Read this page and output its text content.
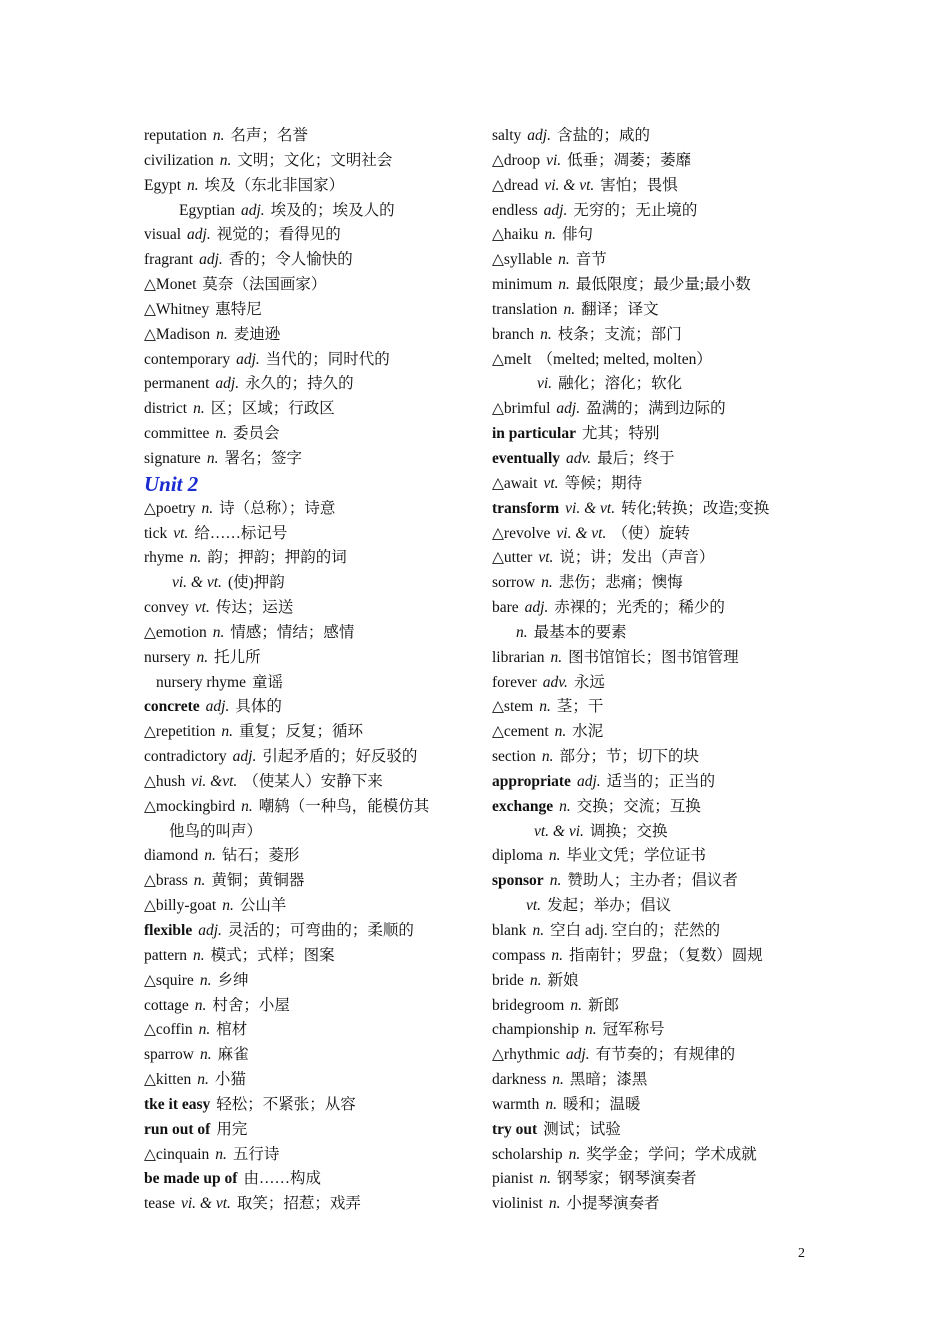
reputation n. 名声；名誉
civilization n. 文明；文化；文明社会
Egypt n. 埃及（东北非国家）
Egyptian adj. 埃及的；埃及人的
visual adj. 视觉的；看得见的
fragrant adj. 香的；令人愉快的
△Monet 莫奈（法国画家）
△Whitney 惠特尼
△Madison n. 麦迪逊
contemporary adj. 当代的；同时代的
permanent adj. 永久的；持久的
district n. 区；区域；行政区
committee n. 委员会
signature n. 署名；签字
Unit 2
△poetry n. 诗（总称）；诗意
tick vt. 给……标记号
rhyme n. 韵；押韵；押韵的词
vi. & vt. (使)押韵
convey vt. 传达；运送
△emotion n. 情感；情结；感情
nursery n. 托儿所
nursery rhyme 童谣
concrete adj. 具体的
△repetition n. 重复；反复；循环
contradictory adj. 引起矛盾的；好反驳的
△hush vi. &vt. （使某人）安静下来
△mockingbird n. 嘲鸫（一种鸟，能模仿其
他鸟的叫声）
diamond n. 钻石；菱形
△brass n. 黄铜；黄铜器
△billy-goat n. 公山羊
flexible adj. 灵活的；可弯曲的；柔顺的
pattern n. 模式；式样；图案
△squire n. 乡绅
cottage n. 村舍；小屋
△coffin n. 棺材
sparrow n. 麻雀
△kitten n. 小猫
tke it easy 轻松；不紧张；从容
run out of 用完
△cinquain n. 五行诗
be made up of 由……构成
tease vi. & vt. 取笑；招惹；戏弄
salty adj. 含盐的；咸的
△droop vi. 低垂；凋萎；萎靡
△dread vi. & vt. 害怕；畏惧
endless adj. 无穷的；无止境的
△haiku n. 俳句
△syllable n. 音节
minimum n. 最低限度；最少量;最小数
translation n. 翻译；译文
branch n. 枝条；支流；部门
△melt （melted; melted, molten）
vi. 融化；溶化；软化
△brimful adj. 盈满的；满到边际的
in particular 尤其；特别
eventually adv. 最后；终于
△await vt. 等候；期待
transform vi. & vt. 转化;转换；改造;变换
△revolve vi. & vt. （使）旋转
△utter vt. 说；讲；发出（声音）
sorrow n. 悲伤；悲痛；懊悔
bare adj. 赤裸的；光秃的；稀少的
n. 最基本的要素
librarian n. 图书馆馆长；图书馆管理
forever adv. 永远
△stem n. 茎；干
△cement n. 水泥
section n. 部分；节；切下的块
appropriate adj. 适当的；正当的
exchange n. 交换；交流；互换
vt. & vi. 调换；交换
diploma n. 毕业文凭；学位证书
sponsor n. 赞助人；主办者；倡议者
vt. 发起；举办；倡议
blank n. 空白 adj. 空白的；茫然的
compass n. 指南针；罗盘；（复数）圆规
bride n. 新娘
bridegroom n. 新郎
championship n. 冠军称号
△rhythmic adj. 有节奏的；有规律的
darkness n. 黑暗；漆黑
warmth n. 暖和；温暖
try out 测试；试验
scholarship n. 奖学金；学问；学术成就
pianist n. 钢琴家；钢琴演奏者
violinist n. 小提琴演奏者
2
